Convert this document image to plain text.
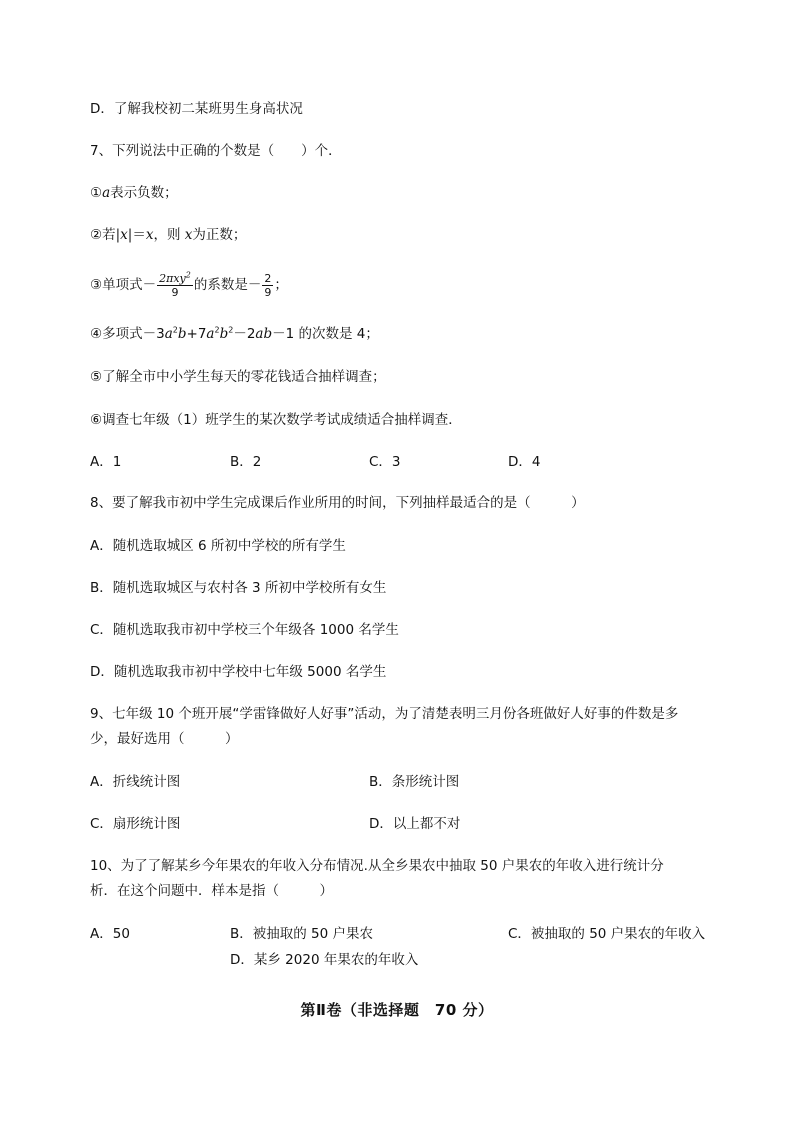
D．了解我校初二某班男生身高状况
7、下列说法中正确的个数是（　　）个．
①a表示负数；
②若|x|＝x，则 x为正数；
③单项式－ $\frac{2\pi xy^2}{9}$ 的系数是－ $\frac{2}{9}$ ；
④多项式$-3a^2b+7a^2b^2-2ab-1$ 的次数是 4；
⑤了解全市中小学生每天的零花钱适合抽样调查；
⑥调查七年级（1）班学生的某次数学考试成绩适合抽样调查．
A．1	B．2	C．3	D．4
8、要了解我市初中学生完成课后作业所用的时间，下列抽样最适合的是（　　　）
A．随机选取城区 6 所初中学校的所有学生
B．随机选取城区与农村各 3 所初中学校所有女生
C．随机选取我市初中学校三个年级各 1000 名学生
D．随机选取我市初中学校中七年级 5000 名学生
9、七年级 10 个班开展“学雷锋做好人好事”活动，为了清楚表明三月份各班做好人好事的件数是多
少，最好选用（　　　）
A．折线统计图	B．条形统计图
C．扇形统计图	D．以上都不对
10、为了了解某乡今年果农的年收入分布情况.从全乡果农中抽取 50 户果农的年收入进行统计分
析．在这个问题中．样本是指（　　　）
A．50	B．被抽取的 50 户果农	C．被抽取的 50 户果农的年收入
D．某乡 2020 年果农的年收入
第Ⅱ卷（非选择题　70 分）
